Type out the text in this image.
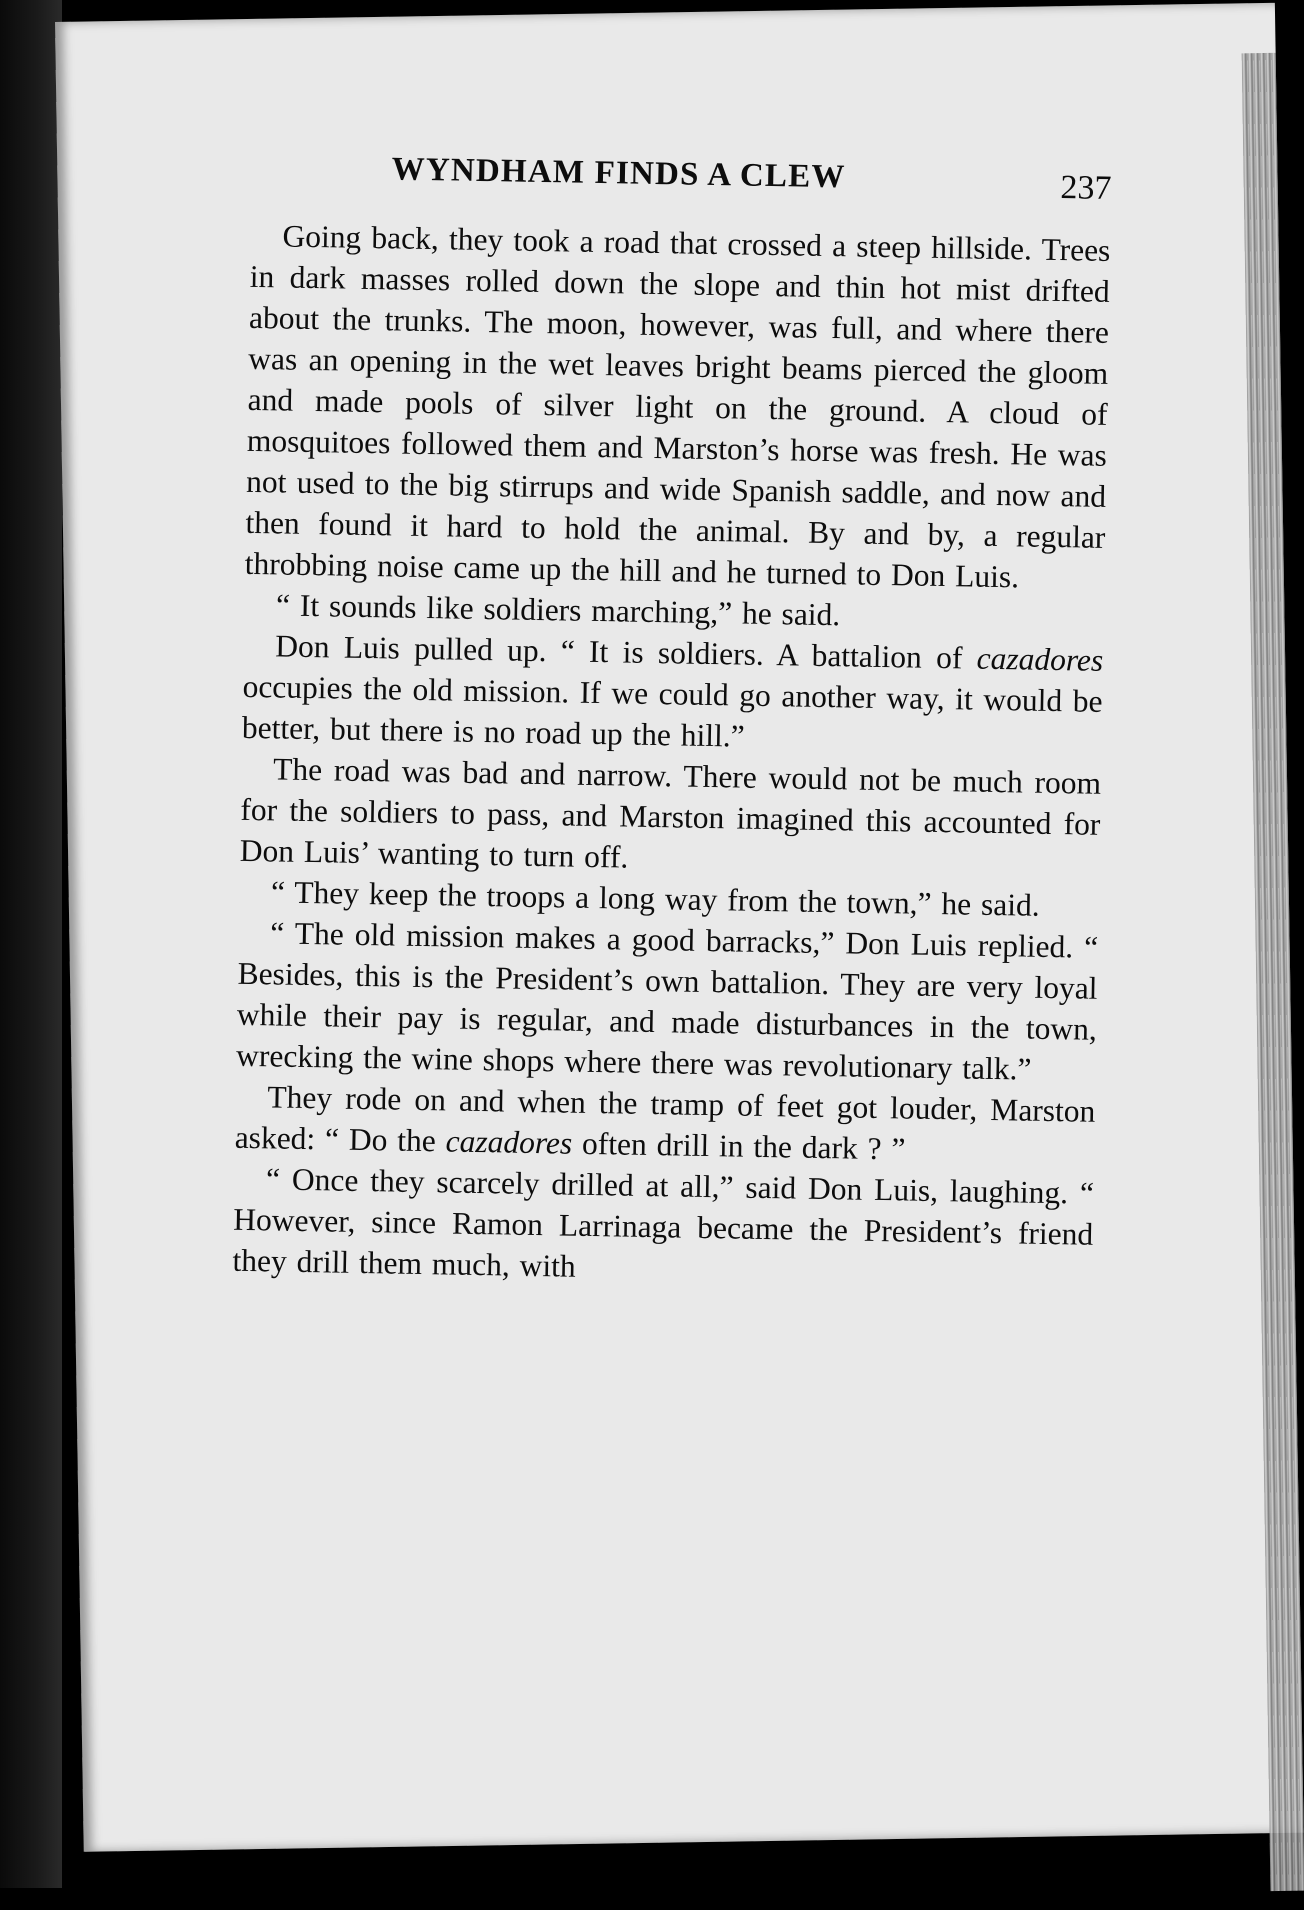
WYNDHAM FINDS A CLEW	237

Going back, they took a road that crossed a steep hillside. Trees in dark masses rolled down the slope and thin hot mist drifted about the trunks. The moon, however, was full, and where there was an opening in the wet leaves bright beams pierced the gloom and made pools of silver light on the ground. A cloud of mosquitoes followed them and Marston’s horse was fresh. He was not used to the big stirrups and wide Spanish saddle, and now and then found it hard to hold the animal. By and by, a regular throbbing noise came up the hill and he turned to Don Luis.

“ It sounds like soldiers marching,” he said.

Don Luis pulled up. “ It is soldiers. A battalion of cazadores occupies the old mission. If we could go another way, it would be better, but there is no road up the hill.”

The road was bad and narrow. There would not be much room for the soldiers to pass, and Marston imagined this accounted for Don Luis’ wanting to turn off.

“ They keep the troops a long way from the town,” he said.

“ The old mission makes a good barracks,” Don Luis replied. “ Besides, this is the President’s own battalion. They are very loyal while their pay is regular, and made disturbances in the town, wrecking the wine shops where there was revolutionary talk.”

They rode on and when the tramp of feet got louder, Marston asked: “ Do the cazadores often drill in the dark ? ”

“ Once they scarcely drilled at all,” said Don Luis, laughing. “ However, since Ramon Larrinaga became the President’s friend they drill them much, with
